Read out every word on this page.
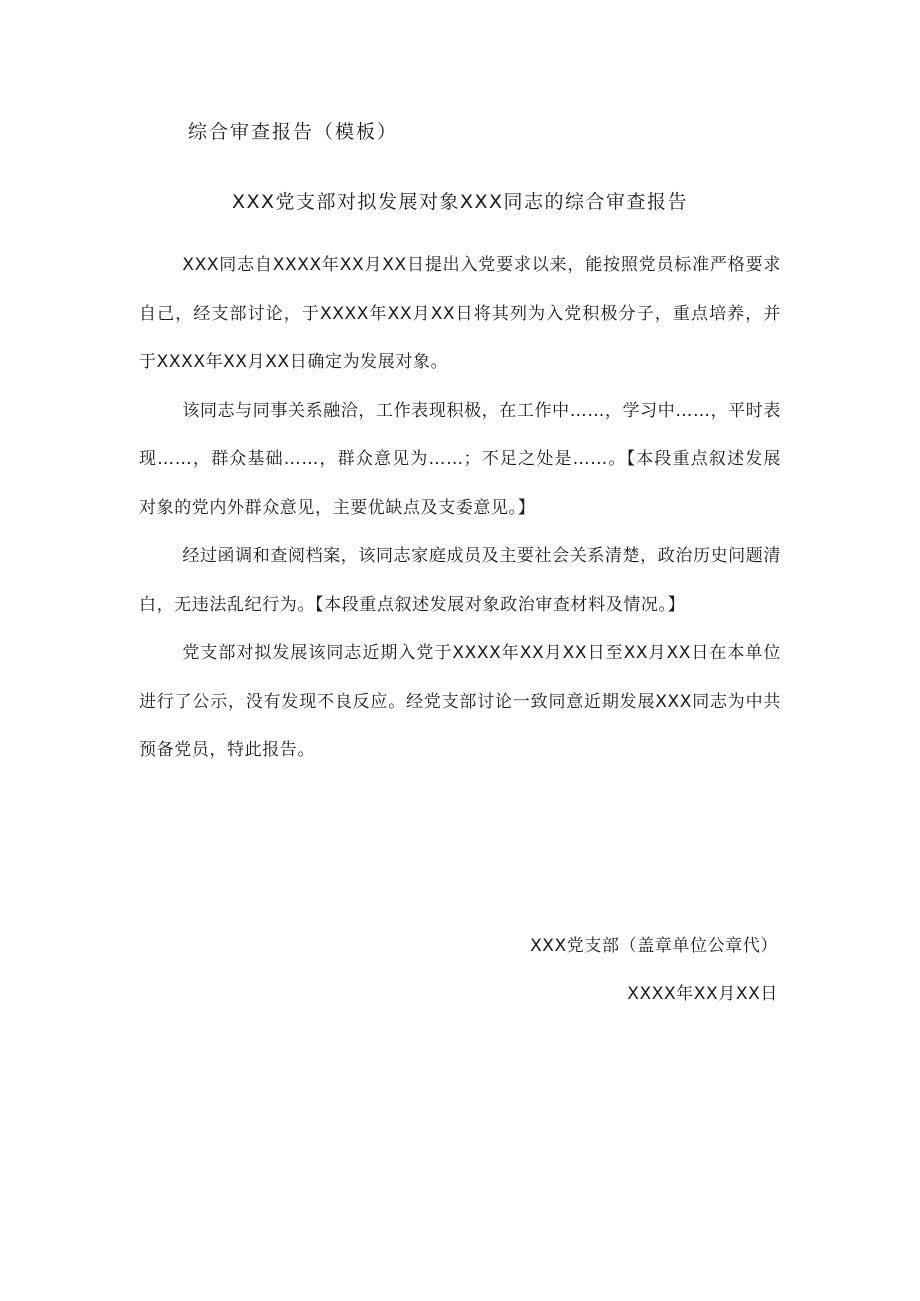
综合审查报告（模板）
XXX党支部对拟发展对象XXX同志的综合审查报告

XXX同志自XXXX年XX月XX日提出入党要求以来，能按照党员标准严格要求自己，经支部讨论，于XXXX年XX月XX日将其列为入党积极分子，重点培养，并于XXXX年XX月XX日确定为发展对象。

该同志与同事关系融洽，工作表现积极，在工作中……，学习中……，平时表现……，群众基础……，群众意见为……；不足之处是……。【本段重点叙述发展对象的党内外群众意见，主要优缺点及支委意见。】

经过函调和查阅档案，该同志家庭成员及主要社会关系清楚，政治历史问题清白，无违法乱纪行为。【本段重点叙述发展对象政治审查材料及情况。】

党支部对拟发展该同志近期入党于XXXX年XX月XX日至XX月XX日在本单位进行了公示，没有发现不良反应。经党支部讨论一致同意近期发展XXX同志为中共预备党员，特此报告。

XXX党支部（盖章单位公章代）
XXXX年XX月XX日
